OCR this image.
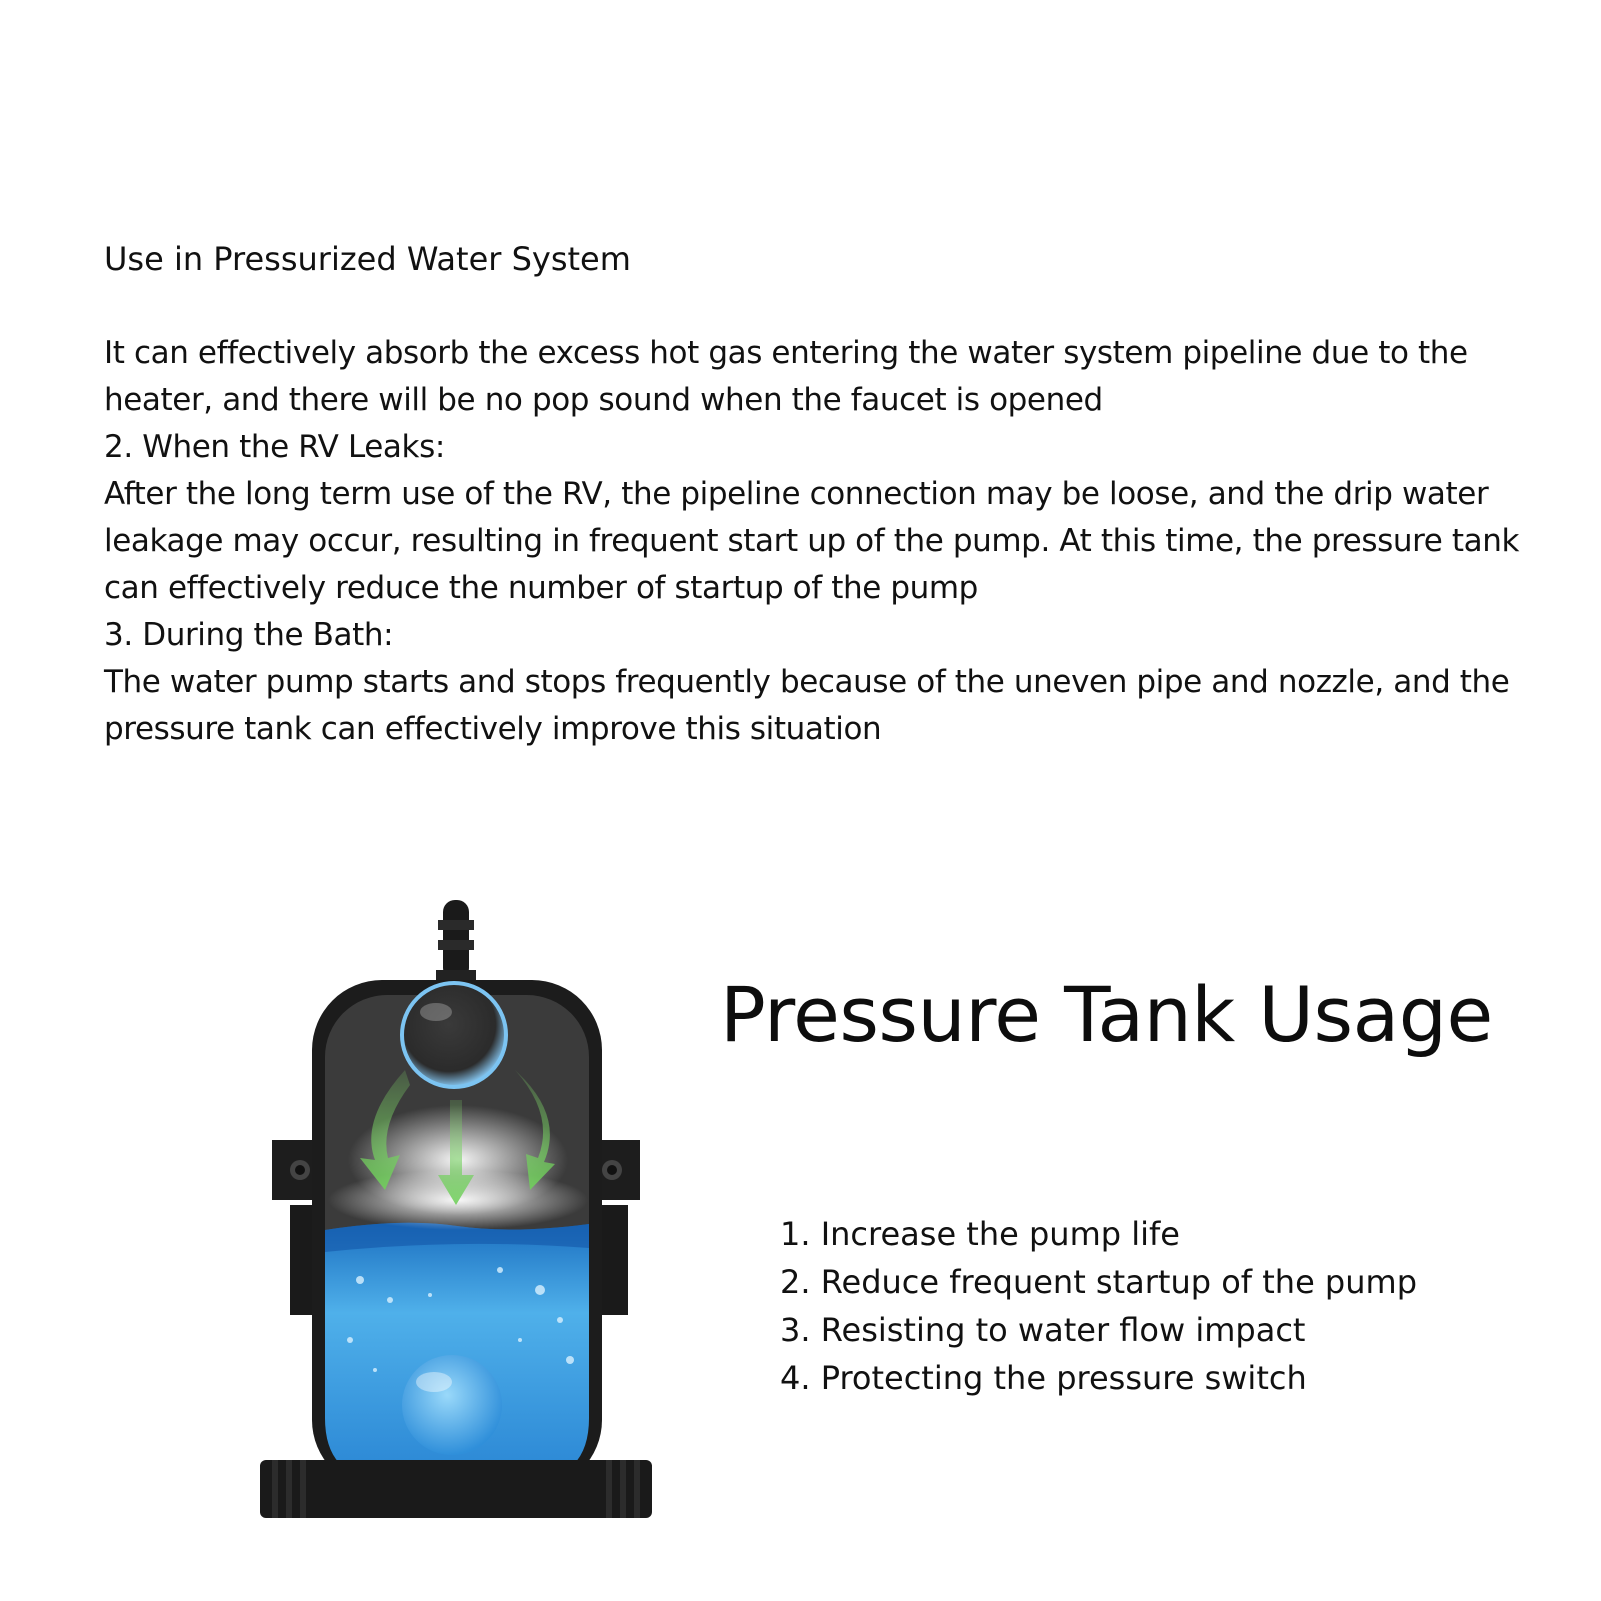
Use in Pressurized Water System

It can effectively absorb the excess hot gas entering the water system pipeline due to the heater, and there will be no pop sound when the faucet is opened

2. When the RV Leaks:

After the long term use of the RV, the pipeline connection may be loose, and the drip water leakage may occur, resulting in frequent start up of the pump. At this time, the pressure tank can effectively reduce the number of startup of the pump

3. During the Bath:

The water pump starts and stops frequently because of the uneven pipe and nozzle, and the pressure tank can effectively improve this situation

Pressure Tank Usage
1. Increase the pump life
2. Reduce frequent startup of the pump
3. Resisting to water flow impact
4. Protecting the pressure switch
